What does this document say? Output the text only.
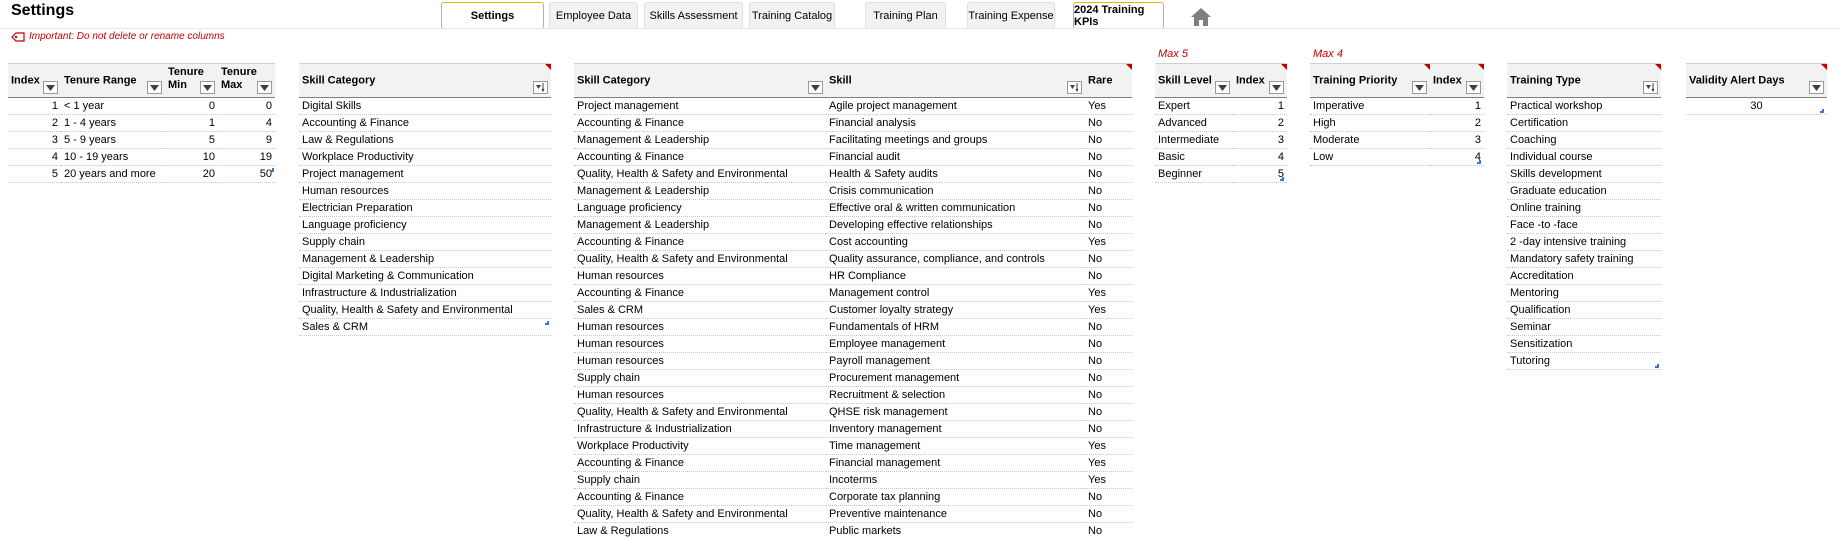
Settings	Settings	Employee Data	Skills Assessment	Training Catalog	Training Plan	Training Expense 2024 Training KPIs
Important: Do not delete or rename columns
Max 5	Max 4
Index	Tenure Range	Tenure Min	Tenure Max

1	< 1 year	0	0
2	1 - 4 years	1	4
3	5 - 9 years	5	9
4	10 - 19 years	10	19
5	20 years and more	20	50
Skill Category

Digital Skills
Accounting & Finance
Law & Regulations
Workplace Productivity
Project management
Human resources
Electrician Preparation
Language proficiency
Supply chain
Management & Leadership
Digital Marketing & Communication
Infrastructure & Industrialization
Quality, Health & Safety and Environmental
Sales & CRM
Skill Category	Skill	Rare

Project management	Agile project management	Yes
Accounting & Finance	Financial analysis	No
Management & Leadership	Facilitating meetings and groups	No
Accounting & Finance	Financial audit	No
Quality, Health & Safety and Environmental	Health & Safety audits	No
Management & Leadership	Crisis communication	No
Language proficiency	Effective oral & written communication	No
Management & Leadership	Developing effective relationships	No
Accounting & Finance	Cost accounting	Yes
Quality, Health & Safety and Environmental	Quality assurance, compliance, and controls	No
Human resources	HR Compliance	No
Accounting & Finance	Management control	Yes
Sales & CRM	Customer loyalty strategy	Yes
Human resources	Fundamentals of HRM	No
Human resources	Employee management	No
Human resources	Payroll management	No
Supply chain	Procurement management	No
Human resources	Recruitment & selection	No
Quality, Health & Safety and Environmental	QHSE risk management	No
Infrastructure & Industrialization	Inventory management	No
Workplace Productivity	Time management	Yes
Accounting & Finance	Financial management	Yes
Supply chain	Incoterms	Yes
Accounting & Finance	Corporate tax planning	No
Quality, Health & Safety and Environmental	Preventive maintenance	No
Law & Regulations	Public markets	No
Skill Level	Index

Expert	1
Advanced	2
Intermediate	3
Basic	4
Beginner	5
Training Priority	Index

Imperative	1
High	2
Moderate	3
Low	4
Training Type

Practical workshop
Certification
Coaching
Individual course
Skills development
Graduate education
Online training
Face -to -face
2 -day intensive training
Mandatory safety training
Accreditation
Mentoring
Qualification
Seminar
Sensitization
Tutoring
Validity Alert Days

30
